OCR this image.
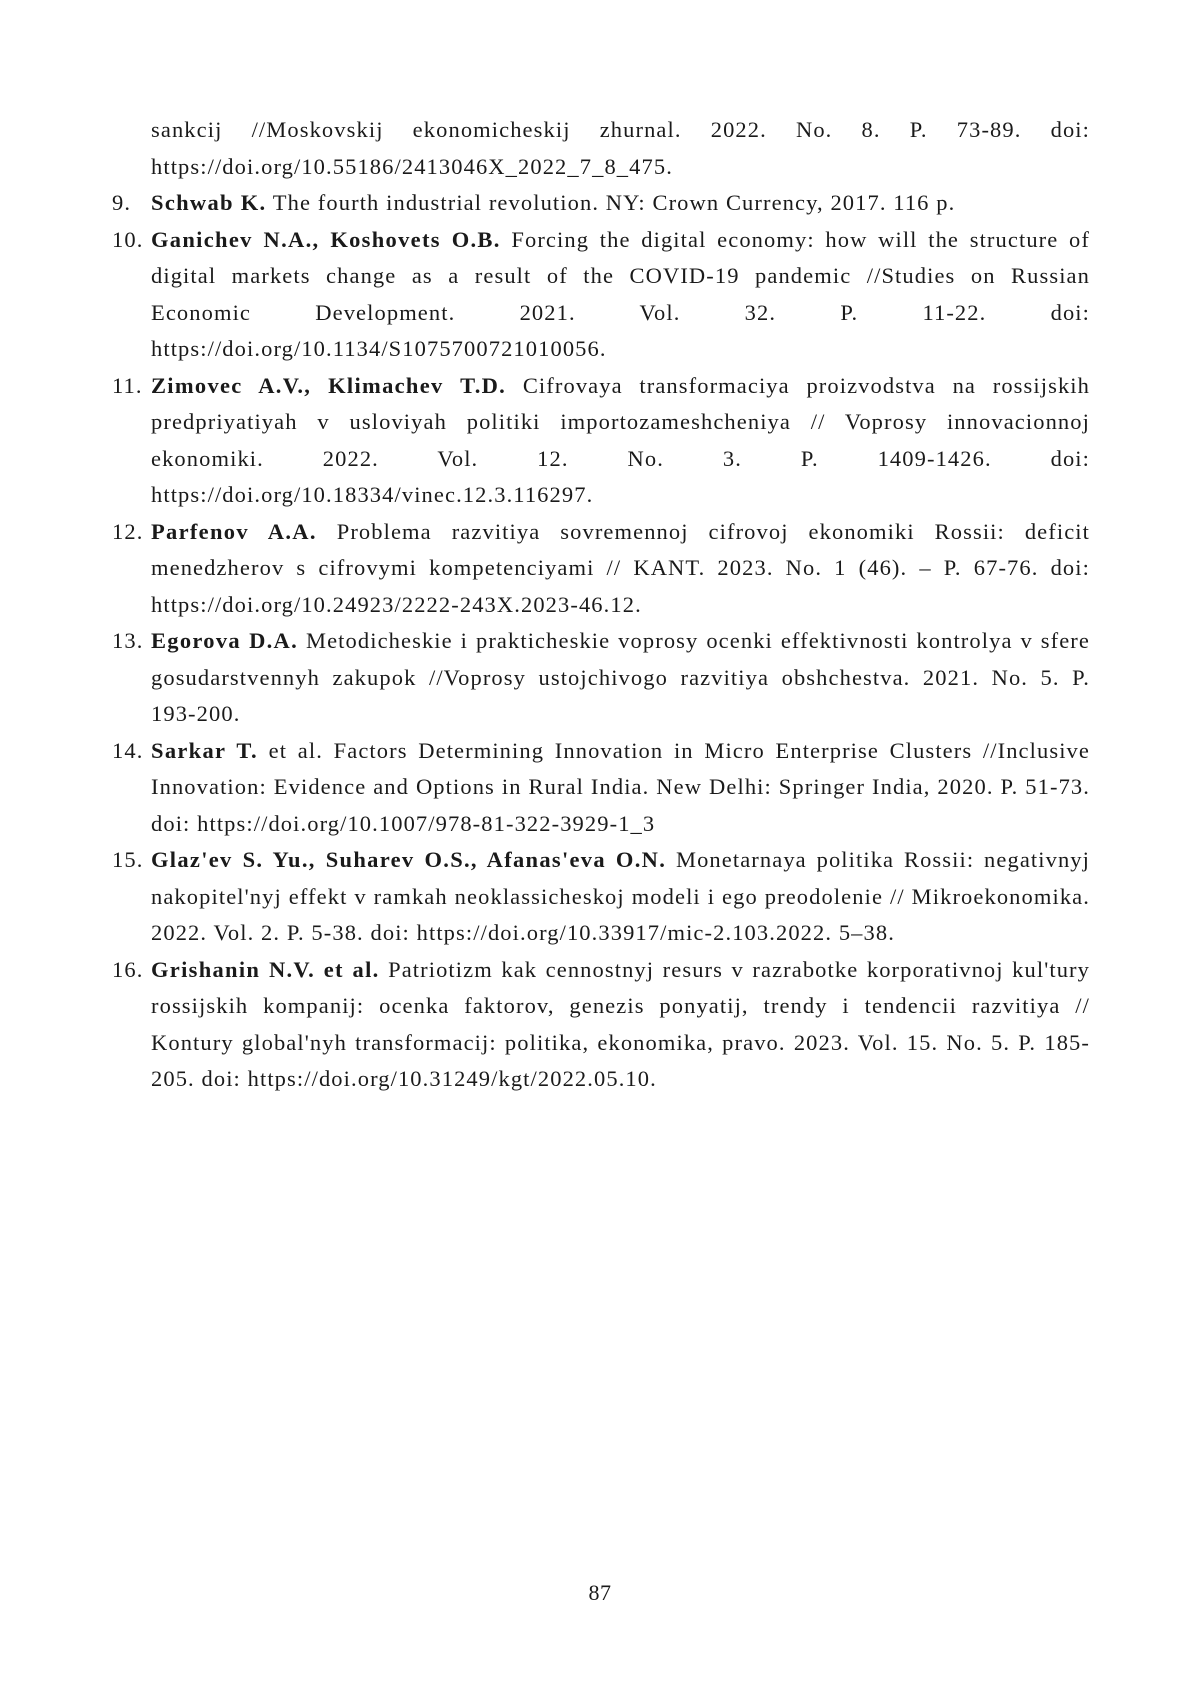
sankcij //Moskovskij ekonomicheskij zhurnal. 2022. No. 8. P. 73-89. doi: https://doi.org/10.55186/2413046X_2022_7_8_475.
9. Schwab K. The fourth industrial revolution. NY: Crown Currency, 2017. 116 p.
10. Ganichev N.A., Koshovets O.B. Forcing the digital economy: how will the structure of digital markets change as a result of the COVID-19 pandemic //Studies on Russian Economic Development. 2021. Vol. 32. P. 11-22. doi: https://doi.org/10.1134/S1075700721010056.
11. Zimovec A.V., Klimachev T.D. Cifrovaya transformaciya proizvodstva na rossijskih predpriyatiyah v usloviyah politiki importozameshcheniya // Voprosy innovacionnoj ekonomiki. 2022. Vol. 12. No. 3. P. 1409-1426. doi: https://doi.org/10.18334/vinec.12.3.116297.
12. Parfenov A.A. Problema razvitiya sovremennoj cifrovoj ekonomiki Rossii: deficit menedzherov s cifrovymi kompetenciyami // KANT. 2023. No. 1 (46). – P. 67-76. doi: https://doi.org/10.24923/2222-243X.2023-46.12.
13. Egorova D.A. Metodicheskie i prakticheskie voprosy ocenki effektivnosti kontrolya v sfere gosudarstvennyh zakupok //Voprosy ustojchivogo razvitiya obshchestva. 2021. No. 5. P. 193-200.
14. Sarkar T. et al. Factors Determining Innovation in Micro Enterprise Clusters //Inclusive Innovation: Evidence and Options in Rural India. New Delhi: Springer India, 2020. P. 51-73. doi: https://doi.org/10.1007/978-81-322-3929-1_3
15. Glaz'ev S. Yu., Suharev O.S., Afanas'eva O.N. Monetarnaya politika Rossii: negativnyj nakopitel'nyj effekt v ramkah neoklassicheskoj modeli i ego preodolenie // Mikroekonomika. 2022. Vol. 2. P. 5-38. doi: https://doi.org/10.33917/mic-2.103.2022. 5–38.
16. Grishanin N.V. et al. Patriotizm kak cennostnyj resurs v razrabotke korporativnoj kul'tury rossijskih kompanij: ocenka faktorov, genezis ponyatij, trendy i tendencii razvitiya // Kontury global'nyh transformacij: politika, ekonomika, pravo. 2023. Vol. 15. No. 5. P. 185-205. doi: https://doi.org/10.31249/kgt/2022.05.10.
87
